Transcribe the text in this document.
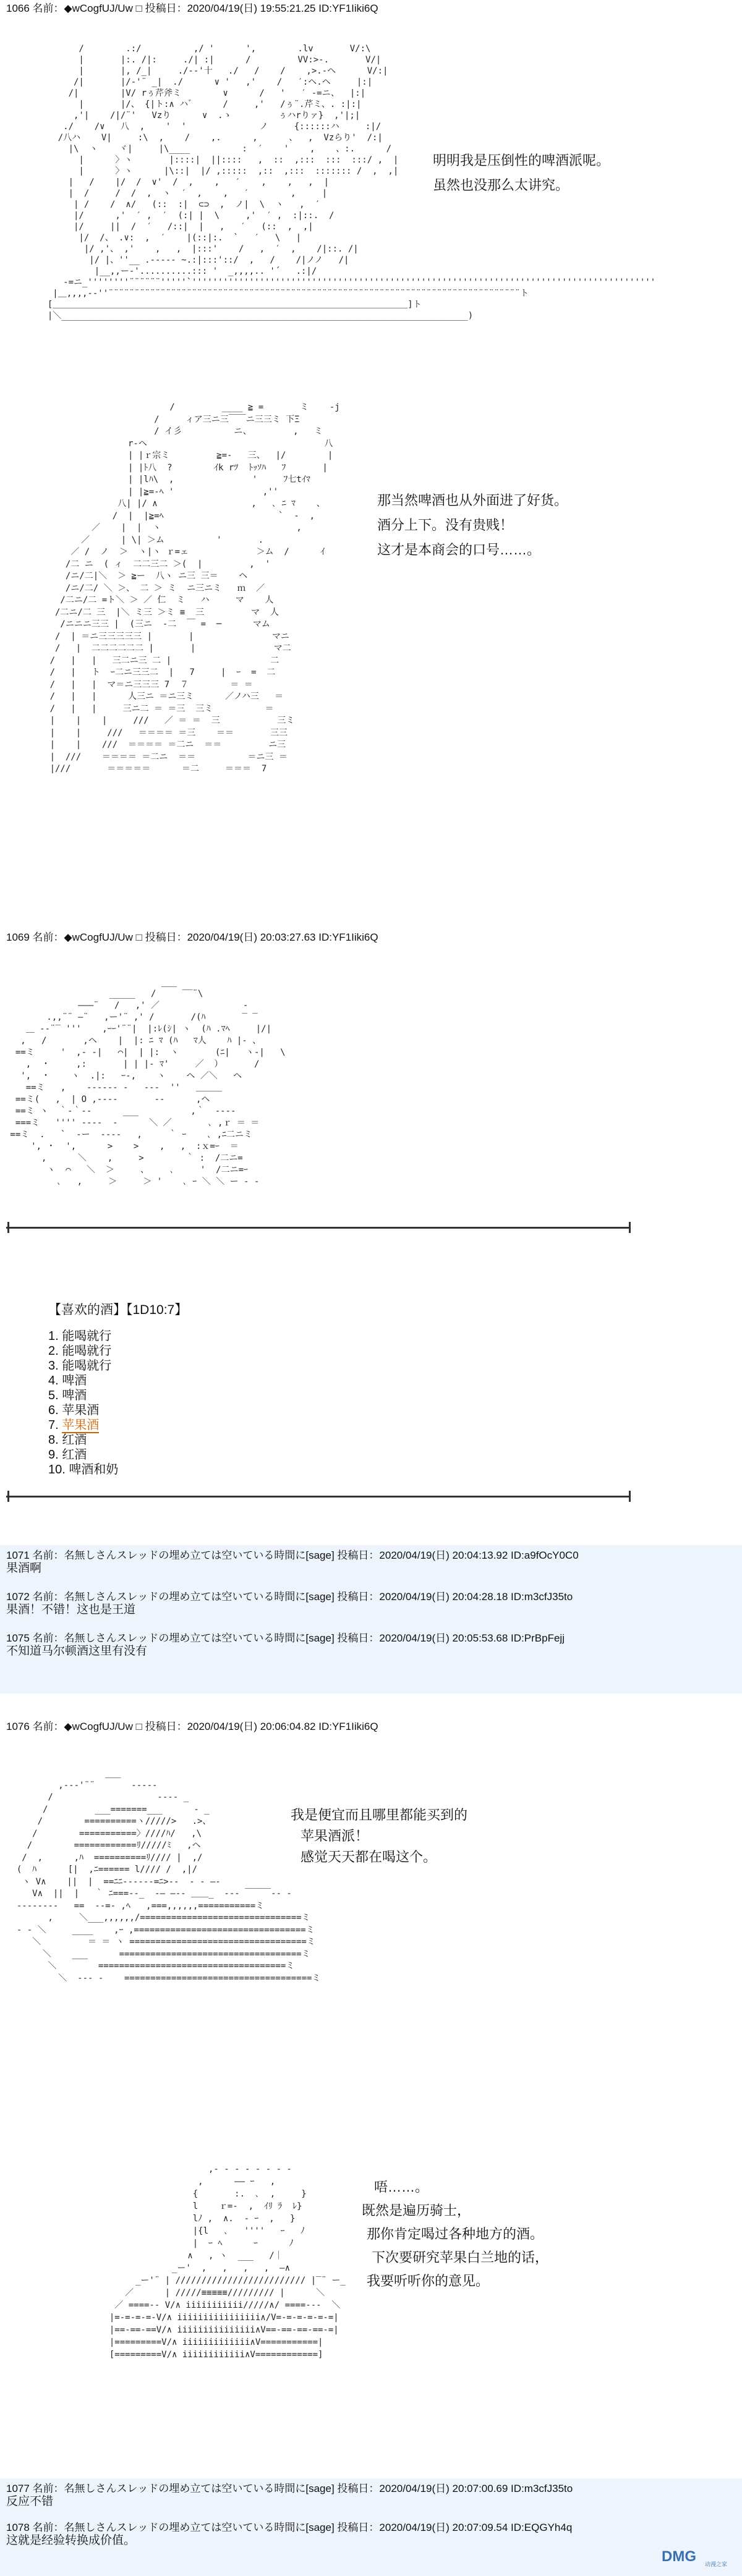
1066 名前：◆wCogfUJ/Uw □ 投稿日：2020/04/19(日) 19:55:21.25 ID:YF1Iiki6Q
/        .:/          ,/ '      ',        .lv       V/:\
|       |:. /|:     ./| :|      /         VV:>-.       V/|
|       |, /_|     ./--'十   ./   /    /    ,>.-ヘ      V/:|
/|       |/-'¨ _|  ./      ∨ '   ,'    /   ′:ヘ.ヘ     |:|
/|        |V/ rぅ芹斧ミ        ∨      /   '   ′ -=ニ、  |:|
|       |/、 {|ト:∧ ハ゛     /     ,'   /ぅ¨.芹ミ、. :|:|
,'|    /|/¨'   Vzり      ∨  .ゝ         ぅハrりァ}  ,'|;|
./    /∨   八  ,    '  '              ノ     {::::::ハ     :|/
/八ハ    V|     :\  ,    /    ,.      ,      、  ,  Vzらり'  /:|
|\  ヽ    ヾ|     |\____          :  ′    '    ,    、:.      /
|      〉ヽ       |::::|  ||::::   ,  ::  ,:::  :::  :::/ ,  |
|      〉ヽ      |\::|  |/ ,:::::  ,::  ,:::  ::::::: /  ,  ,|
|   /    |/  /  ∨'  /  ,    ,   ′    ,    ,   ,  |
|  /     /  /  ,  ヽ  ′  ,    ,   ′        ,     |
| /    /  ∧/   (::  :|  ⊂⊃  ,  ノ|  \  ヽ   ,  ′
|/      ,'  ′ ,  ′  (:| |  \     ,'  ′ ,  :|::.  /
|/     ||  /  ′   /::|  |   ,   ′   (::  ,  ,|
|/  /、 .∨:  ,  ′    |(::|:.  `   ′   \   |
|/ ,'、 ,'    ,   ,  |:::'    /   ,  ′  ,    /|::. /|
|/ |、''__ .--‐‐‐ ~.:|:::'::/  ,   /    /|ノノ   /|
|__,,ー‐'..........::: '  _,,,,.. '´   .:|/
‐=ニ_''''''''¨¨¨¨¨¨'''''`'''''''''''''''''''''''''''''''''''''''''''''''''''''''''''''''''''''''''''''''''''''''''
|＿,,,,-‐''¨¨¨¨¨¨¨¨¨¨¨¨¨¨¨¨¨¨¨¨¨¨¨¨¨¨¨¨¨¨¨¨¨¨¨¨¨¨¨¨¨¨¨¨¨¨¨¨¨¨¨¨¨¨¨¨¨¨¨¨¨¨¨¨¨¨¨¨¨¨¨¨¨¨¨¨¨¨¨ト
[＿＿＿＿＿＿＿＿＿＿＿＿＿＿＿＿＿＿＿＿＿＿＿＿＿＿＿＿＿＿＿＿＿＿＿＿＿＿＿＿＿]ト
|＼______________________________________________________________________________)
明明我是压倒性的啤酒派呢。
虽然也没那么太讲究。
/         ____ ≧ =       ミ    -j
/     ィア三ニ三￣￣ニ三三ミ 下Ξ
/ イ彡          ニ、        ,   ミ
r‐ヘ                                  八
| |ｒ宗ミ         ≧=-   三、  |/        |
| |ﾄ八  ?        ｲk rﾂ  ﾄｯｿﾊ   ﾌ       |
| |lﾊ\  ,               '     ﾌ七tｲﾏ
| |≧=-ﾍ '                 ,''
八| |/ ∧                  ,   ､ ﾆ ﾏ    、
/  |  |≧=ﾍ                      `  -  ,
／    |  |  ヽ                          ,
／      | \| ＞ム          '       .
／ /  ノ  ＞  ヽ|ヽ ｒ=ェ             ＞ム  /      ｲ
/二 ニ  ( ィ  二二三二 ＞(  |         ,  '
/ニ/二|＼  ＞ ≧ー  八ヽ ニ三 三＝    ヘ
/ニ/二/ ＼ ＞、 二 ＞ ミ  ニ三ニミ   ｍ  ／
/二ニ/二 =ト＼ ＞ ／ 仁  ミ   ハ     マ    人
/二ニ/二 三  |＼ ミ三 ＞ミ ≡  三         マ  人
/ニニニ三三 |  (三ニ  ‐二  ￣ =  ─      マム
/  | ＝ニ三三三三三 |       |               マニ
/   |  二二二二二二 |       |               マ二
/   |   |   三二ニ三 二 |                   二
/   |   ト  ｰ二ニ三三二  |   7     |  ｰ  =  二
/   |   |  マ＝ニ三三三 7  ７        ＝ ＝
/   |   |      人三ニ ＝ニ三ミ      ／ノハ三   ＝
/   |   |     三ニ二 ＝ ＝三  三ミ          ＝
|    |    |     ///   ／ ＝ ＝  三           三ミ
|    |     ///   ＝＝＝＝ ＝三    ＝＝       三三
|    |    ///  ＝＝＝＝ ＝二ニ  ＝＝         ニ三
|  ///    ＝＝＝＝ ＝二ニ  ＝＝          ＝ニ三 ＝
|///       ＝＝＝＝＝      ＝二     ＝＝＝  7
那当然啤酒也从外面进了好货。
酒分上下。没有贵贱！
这才是本商会的口号……。
1069 名前：◆wCogfUJ/Uw □ 投稿日：2020/04/19(日) 20:03:27.63 ID:YF1Iiki6Q
___
_____   /     ‾‾¨\
―――¨   /   ,' ／                ‐
.,,¨¨ ―¨   ,ー'¨ ,' /       /(ﾊ       ‾ ‾
＿ ‐‐¨‾ '''    ,ｰｰ'¨¨|  |:ﾚ(ｼ| ヽ  (ﾊ .ﾏﾍ     |/|
,   /       ,ヘ    |  |: ﾆ ﾏ (ﾊ   ﾏ人    ﾊ |‐ 、
==ミ     '  ,- ‐|   ⌒|  | |:  ヽ       (ﾆ|   ヽ‐|   \
,  ・     ,:       | | |‐ ﾏ'     ／  ）      /
',  ・    ヽ  .|:   ｰ‐,    ヽ    ヘ ／＼   ヘ
==ミ   ,    ‐‐‐‐‐‐ ‐   ‐‐‐  ''   ＿＿＿
==ミ(   ,  | O ,‐‐‐‐       ‐‐      ,ヘ
==ミ ヽ  ｀‐｀‐‐      ___          ,｀  ‐‐‐‐
===ミ   '''' ‐‐‐‐  ‐      ＼ ／       ､ ,ｒ ＝ ＝
==ミ  .   `  ‐ー  ‐‐‐‐   ,     ｀ ｰ    ､ ,ﾆ二ニミ
', ・  ',      >    >    ,   ,  :ｘ=ｰ  ＝
,      ＼    ,     >        ｀ :  /二ニ=
ヽ  ⌒   ＼  ＞     、    ､     '  /二ニ=ｰ
､   ,     ＞     ＞ '    ､ ｰ ＼ ＼ ー ‐ ‐
【喜欢的酒】【1D10:7】
1. 能喝就行
2. 能喝就行
3. 能喝就行
4. 啤酒
5. 啤酒
6. 苹果酒
7. 苹果酒
8. 红酒
9. 红酒
10. 啤酒和奶
1071 名前：名無しさんスレッドの埋め立ては空いている時間に[sage] 投稿日：2020/04/19(日) 20:04:13.92 ID:a9fOcY0C0
果酒啊
1072 名前：名無しさんスレッドの埋め立ては空いている時間に[sage] 投稿日：2020/04/19(日) 20:04:28.18 ID:m3cfJ35to
果酒！不错！这也是王道
1075 名前：名無しさんスレッドの埋め立ては空いている時間に[sage] 投稿日：2020/04/19(日) 20:05:53.68 ID:PrBpFejj
不知道马尔顿酒这里有没有
1076 名前：◆wCogfUJ/Uw □ 投稿日：2020/04/19(日) 20:06:04.82 ID:YF1Iiki6Q
___
,-‐‐'¨¨       ‐‐‐‐‐
/                    ‐‐‐‐ _
/         ___=======___      ‐ _
/        ==========ヽ/////>   .>、
/        ===========〉////ﾊ/   ,\
/        ============ﾘ/////ﾐ   ,ヘ
/  ,      ,ﾊ  ==========ﾘ//// |  ,/
(  ﾊ      [|  ,ﾆ====== l//// /  ,|/
ヽ V∧    ||  |  ==ﾆﾆ--‐‐‐‐=ﾆ>‐‐  ‐ ‐ ―‐
V∧  ||  |   ｀ ﾆ===‐‐_  ‐― ―‐‐ ＿＿_  ‐‐‐ ￣￣￣‐‐ ‐
‐‐‐‐‐‐‐-   ==  ‐‐=‐ ,ﾍ   ,===,,,,,,===========ミ
,     ＼___,,,,,,/===============================ミ
‐ ‐ ＼     ____    ,ｰ ,=================================ミ
＼         ＝ ＝ ヽ ==================================ミ
＼    ___      ===================================ミ
＼        ====================================ミ
＼  ‐‐‐ ‐    ====================================ミ
我是便宜而且哪里都能买到的
苹果酒派！
感觉天天都在喝这个。
,‐ ‐ ‐ ‐ ‐ ‐ ‐ ‐
,      ―― ｰ   ,
{       :.  ､  ,     }
l    ｒ=-  ,  ｲﾘ ﾗ  ﾚ}
lﾉ ,  ∧.  ‐ ｰ  ,   }
|{l   ､   ''''   ｰ   ﾉ
|  ｰ ﾍ      ｰ      ﾉ
∧   , ヽ  ___   /｜
_ー'  ,   ,   ,   ,  ―∧
_ー'¨ | ///////////////////////// |‾¨ ー_
／      | /////≡≡≡≡≡///////// |      ＼
／ ====-- V/∧ iiiiiiiiiii/////∧/ ====---  ＼
|=-=-=-=-V/∧ iiiiiiiiiiiiiiii∧/V=-=-=-=-=-=|
|==-==-==V/∧ iiiiiiiiiiiiiii∧V==-==-==-==-=|
|=========V/∧ iiiiiiiiiiiii∧V===========|
[=========V/∧ iiiiiiiiiiii∧V============]
唔……。
既然是遍历骑士，
那你肯定喝过各种地方的酒。
下次要研究苹果白兰地的话，
我要听听你的意见。
1077 名前：名無しさんスレッドの埋め立ては空いている時間に[sage] 投稿日：2020/04/19(日) 20:07:00.69 ID:m3cfJ35to
反应不错
1078 名前：名無しさんスレッドの埋め立ては空いている時間に[sage] 投稿日：2020/04/19(日) 20:07:09.54 ID:EQGYh4q
这就是经验转换成价值。
DMG 动漫之家
